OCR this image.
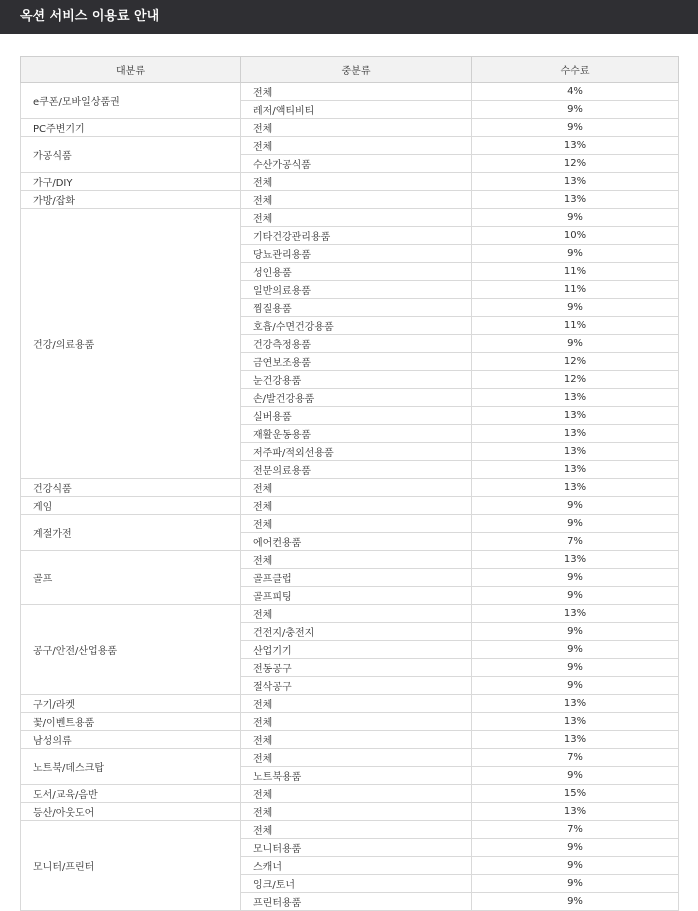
옥션 서비스 이용료 안내
대분류	중분류	수수료
e쿠폰/모바일상품권	전체	4%
	레저/액티비티	9%
PC주변기기	전체	9%
가공식품	전체	13%
	수산가공식품	12%
가구/DIY	전체	13%
가방/잡화	전체	13%
건강/의료용품	전체	9%
	기타건강관리용품	10%
	당뇨관리용품	9%
	성인용품	11%
	일반의료용품	11%
	찜질용품	9%
	호흡/수면건강용품	11%
	건강측정용품	9%
	금연보조용품	12%
	눈건강용품	12%
	손/발건강용품	13%
	실버용품	13%
	재활운동용품	13%
	저주파/적외선용품	13%
	전문의료용품	13%
건강식품	전체	13%
게임	전체	9%
계절가전	전체	9%
	에어컨용품	7%
골프	전체	13%
	골프클럽	9%
	골프피팅	9%
공구/안전/산업용품	전체	13%
	건전지/충전지	9%
	산업기기	9%
	전동공구	9%
	절삭공구	9%
구기/라켓	전체	13%
꽃/이벤트용품	전체	13%
남성의류	전체	13%
노트북/데스크탑	전체	7%
	노트북용품	9%
도서/교육/음반	전체	15%
등산/아웃도어	전체	13%
모니터/프린터	전체	7%
	모니터용품	9%
	스캐너	9%
	잉크/토너	9%
	프린터용품	9%
